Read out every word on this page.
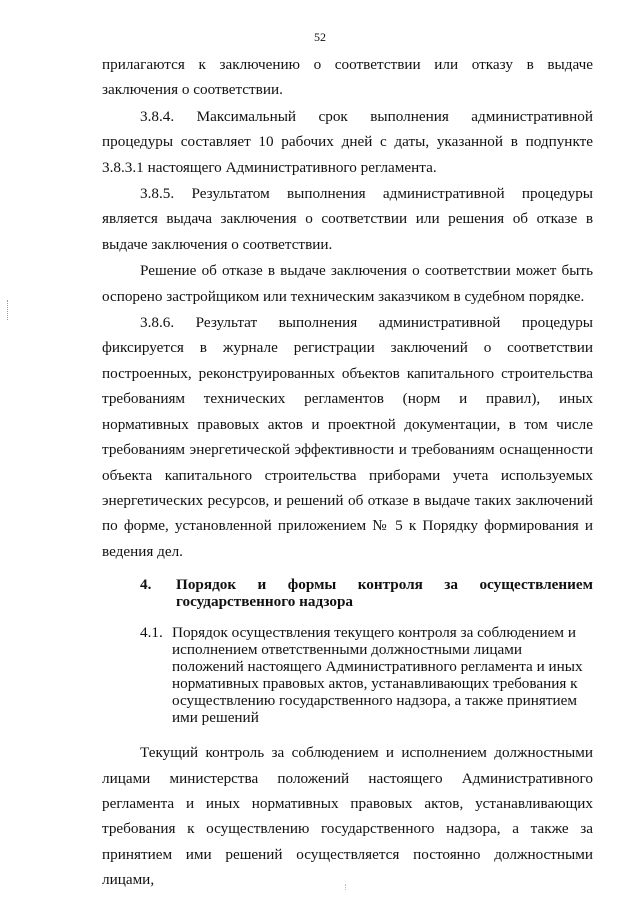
52

прилагаются к заключению о соответствии или отказу в выдаче заключения о соответствии.

3.8.4. Максимальный срок выполнения административной процедуры составляет 10 рабочих дней с даты, указанной в подпункте 3.8.3.1 настоящего Административного регламента.

3.8.5. Результатом выполнения административной процедуры является выдача заключения о соответствии или решения об отказе в выдаче заключения о соответствии.

Решение об отказе в выдаче заключения о соответствии может быть оспорено застройщиком или техническим заказчиком в судебном порядке.

3.8.6. Результат выполнения административной процедуры фиксируется в журнале регистрации заключений о соответствии построенных, реконструированных объектов капитального строительства требованиям технических регламентов (норм и правил), иных нормативных правовых актов и проектной документации, в том числе требованиям энергетической эффективности и требованиям оснащенности объекта капитального строительства приборами учета используемых энергетических ресурсов, и решений об отказе в выдаче таких заключений по форме, установленной приложением № 5 к Порядку формирования и ведения дел.

4.	Порядок и формы контроля за осуществлением государственного надзора

4.1. Порядок осуществления текущего контроля за соблюдением и исполнением ответственными должностными лицами положений настоящего Административного регламента и иных нормативных правовых актов, устанавливающих требования к осуществлению государственного надзора, а также принятием ими решений

Текущий контроль за соблюдением и исполнением должностными лицами министерства положений настоящего Административного регламента и иных нормативных правовых актов, устанавливающих требования к осуществлению государственного надзора, а также за принятием ими решений осуществляется постоянно должностными лицами,
